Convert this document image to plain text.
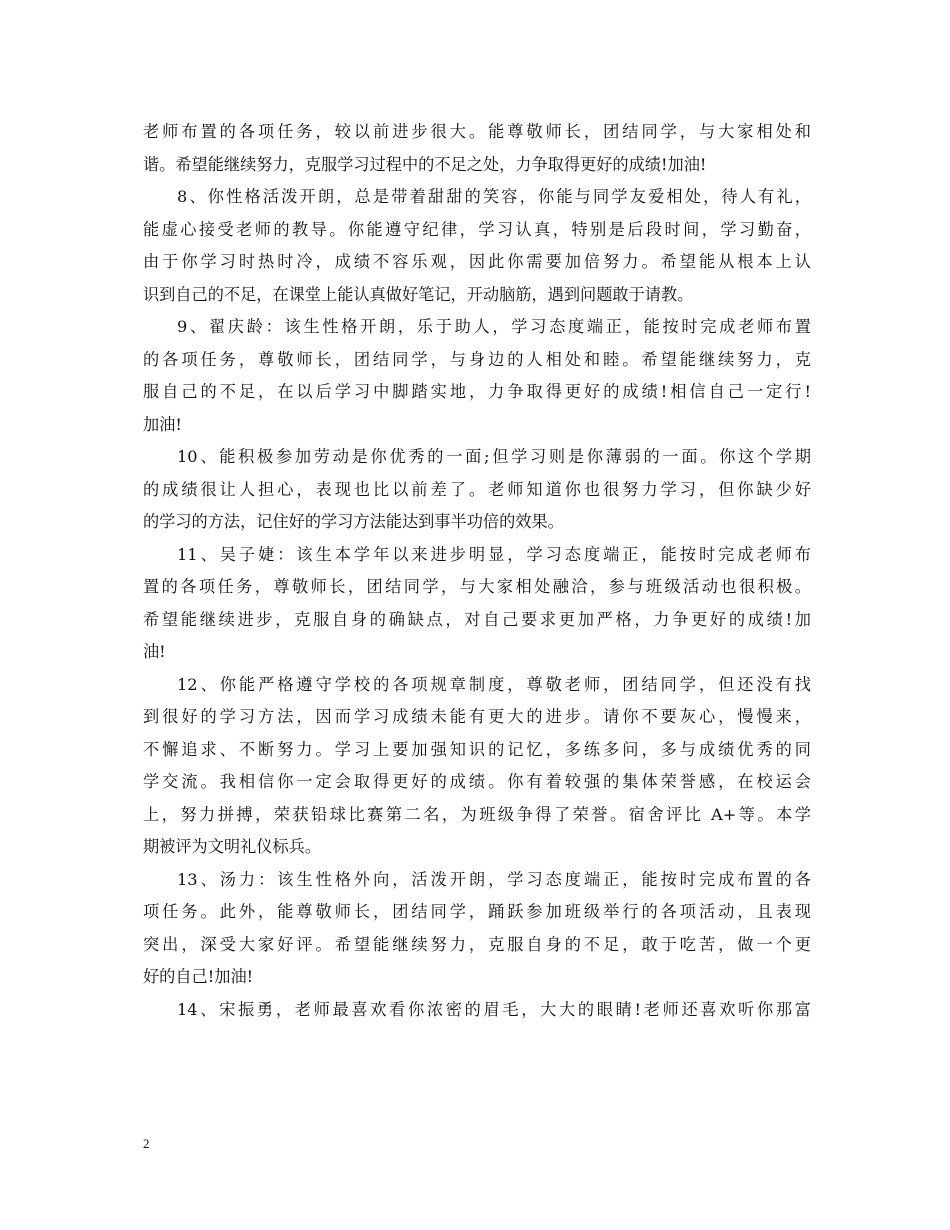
老师布置的各项任务，较以前进步很大。能尊敬师长，团结同学，与大家相处和
谐。希望能继续努力，克服学习过程中的不足之处，力争取得更好的成绩!加油!
8、你性格活泼开朗，总是带着甜甜的笑容，你能与同学友爱相处，待人有礼，
能虚心接受老师的教导。你能遵守纪律，学习认真，特别是后段时间，学习勤奋，
由于你学习时热时冷，成绩不容乐观，因此你需要加倍努力。希望能从根本上认
识到自己的不足，在课堂上能认真做好笔记，开动脑筋，遇到问题敢于请教。
9、翟庆龄：该生性格开朗，乐于助人，学习态度端正，能按时完成老师布置
的各项任务，尊敬师长，团结同学，与身边的人相处和睦。希望能继续努力，克
服自己的不足，在以后学习中脚踏实地，力争取得更好的成绩!相信自己一定行!
加油!
10、能积极参加劳动是你优秀的一面;但学习则是你薄弱的一面。你这个学期
的成绩很让人担心，表现也比以前差了。老师知道你也很努力学习，但你缺少好
的学习的方法，记住好的学习方法能达到事半功倍的效果。
11、吴子婕：该生本学年以来进步明显，学习态度端正，能按时完成老师布
置的各项任务，尊敬师长，团结同学，与大家相处融洽，参与班级活动也很积极。
希望能继续进步，克服自身的确缺点，对自己要求更加严格，力争更好的成绩!加
油!
12、你能严格遵守学校的各项规章制度，尊敬老师，团结同学，但还没有找
到很好的学习方法，因而学习成绩未能有更大的进步。请你不要灰心，慢慢来，
不懈追求、不断努力。学习上要加强知识的记忆，多练多问，多与成绩优秀的同
学交流。我相信你一定会取得更好的成绩。你有着较强的集体荣誉感，在校运会
上，努力拼搏，荣获铅球比赛第二名，为班级争得了荣誉。宿舍评比 A+等。本学
期被评为文明礼仪标兵。
13、汤力：该生性格外向，活泼开朗，学习态度端正，能按时完成布置的各
项任务。此外，能尊敬师长，团结同学，踊跃参加班级举行的各项活动，且表现
突出，深受大家好评。希望能继续努力，克服自身的不足，敢于吃苦，做一个更
好的自己!加油!
14、宋振勇，老师最喜欢看你浓密的眉毛，大大的眼睛!老师还喜欢听你那富
2
